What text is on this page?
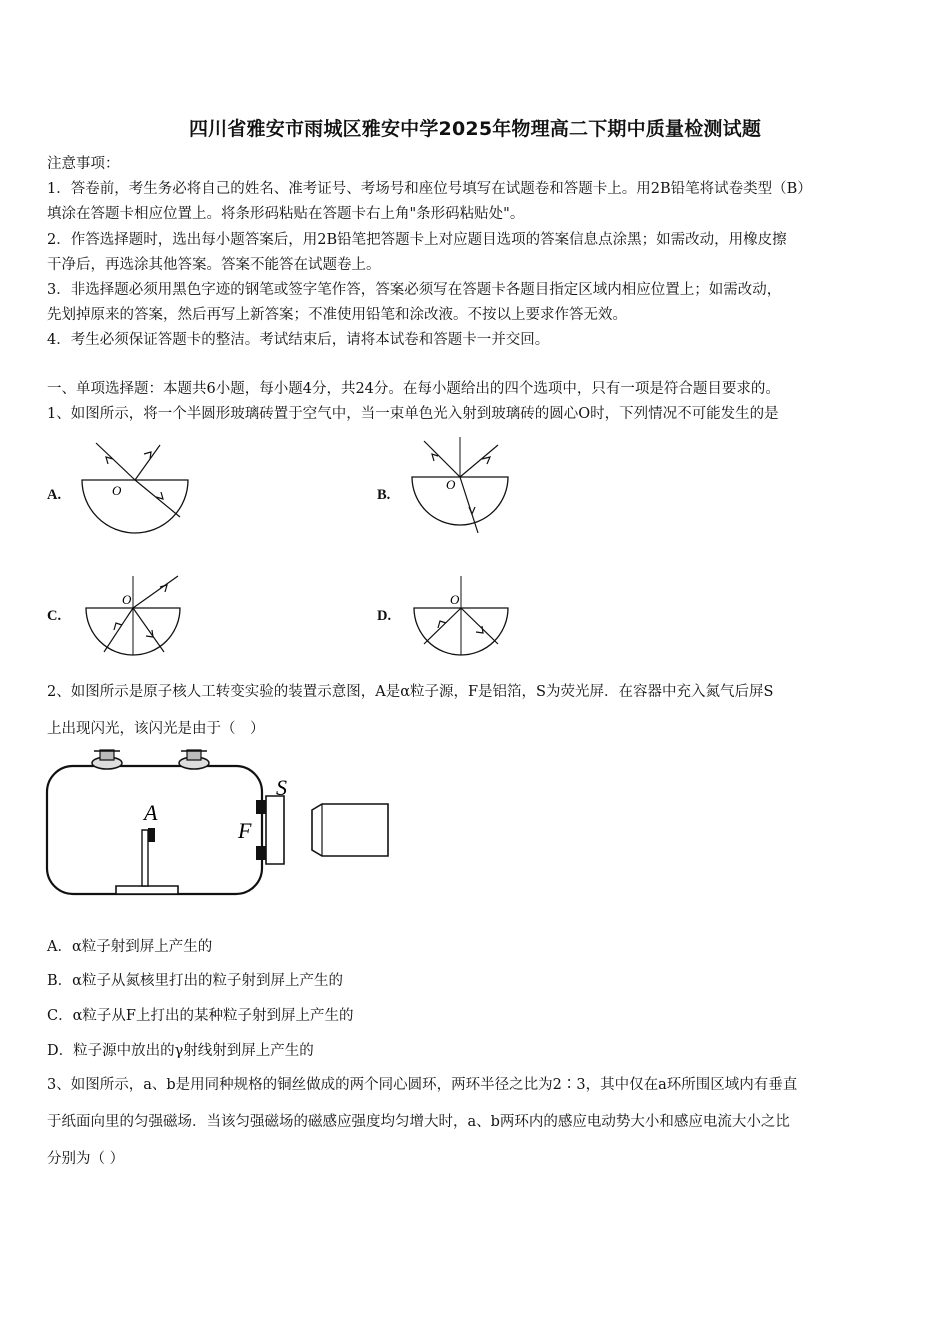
四川省雅安市雨城区雅安中学2025年物理高二下期中质量检测试题
注意事项：
1．答卷前，考生务必将自己的姓名、准考证号、考场号和座位号填写在试题卷和答题卡上。用2B铅笔将试卷类型（B）
填涂在答题卡相应位置上。将条形码粘贴在答题卡右上角"条形码粘贴处"。
2．作答选择题时，选出每小题答案后，用2B铅笔把答题卡上对应题目选项的答案信息点涂黑；如需改动，用橡皮擦
干净后，再选涂其他答案。答案不能答在试题卷上。
3．非选择题必须用黑色字迹的钢笔或签字笔作答，答案必须写在答题卡各题目指定区域内相应位置上；如需改动，
先划掉原来的答案，然后再写上新答案；不准使用铅笔和涂改液。不按以上要求作答无效。
4．考生必须保证答题卡的整洁。考试结束后，请将本试卷和答题卡一并交回。
一、单项选择题：本题共6小题，每小题4分，共24分。在每小题给出的四个选项中，只有一项是符合题目要求的。
1、如图所示，将一个半圆形玻璃砖置于空气中，当一束单色光入射到玻璃砖的圆心O时，下列情况不可能发生的是
A.	B.
C.	D.
O	O
O	O
2、如图所示是原子核人工转变实验的装置示意图，A是α粒子源，F是铝箔，S为荧光屏．在容器中充入氮气后屏S
上出现闪光，该闪光是由于（　）
A
F
S
A．α粒子射到屏上产生的
B．α粒子从氮核里打出的粒子射到屏上产生的
C．α粒子从F上打出的某种粒子射到屏上产生的
D．粒子源中放出的γ射线射到屏上产生的
3、如图所示，a、b是用同种规格的铜丝做成的两个同心圆环，两环半径之比为2∶3，其中仅在a环所围区域内有垂直
于纸面向里的匀强磁场．当该匀强磁场的磁感应强度均匀增大时，a、b两环内的感应电动势大小和感应电流大小之比
分别为（ ）
